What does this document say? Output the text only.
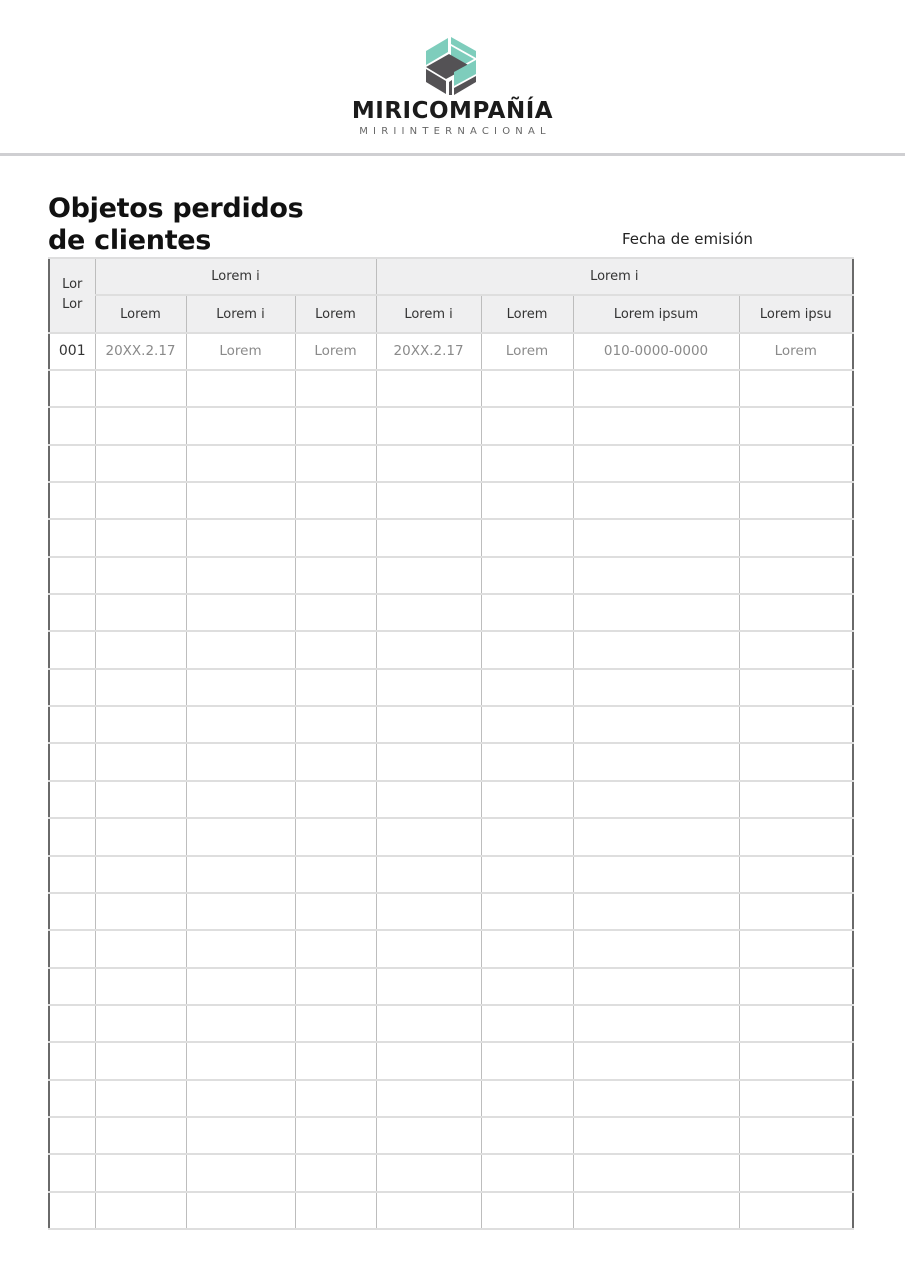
MIRICOMPAÑÍA
MIRIINTERNACIONAL
Objetos perdidos
de clientes	Fecha de emisión
Lor
Lor	Lorem i			Lorem i			
	Lorem	Lorem i	Lorem	Lorem i	Lorem	Lorem ipsum	Lorem ipsu
001	20XX.2.17	Lorem	Lorem	20XX.2.17	Lorem	010-0000-0000	Lorem
